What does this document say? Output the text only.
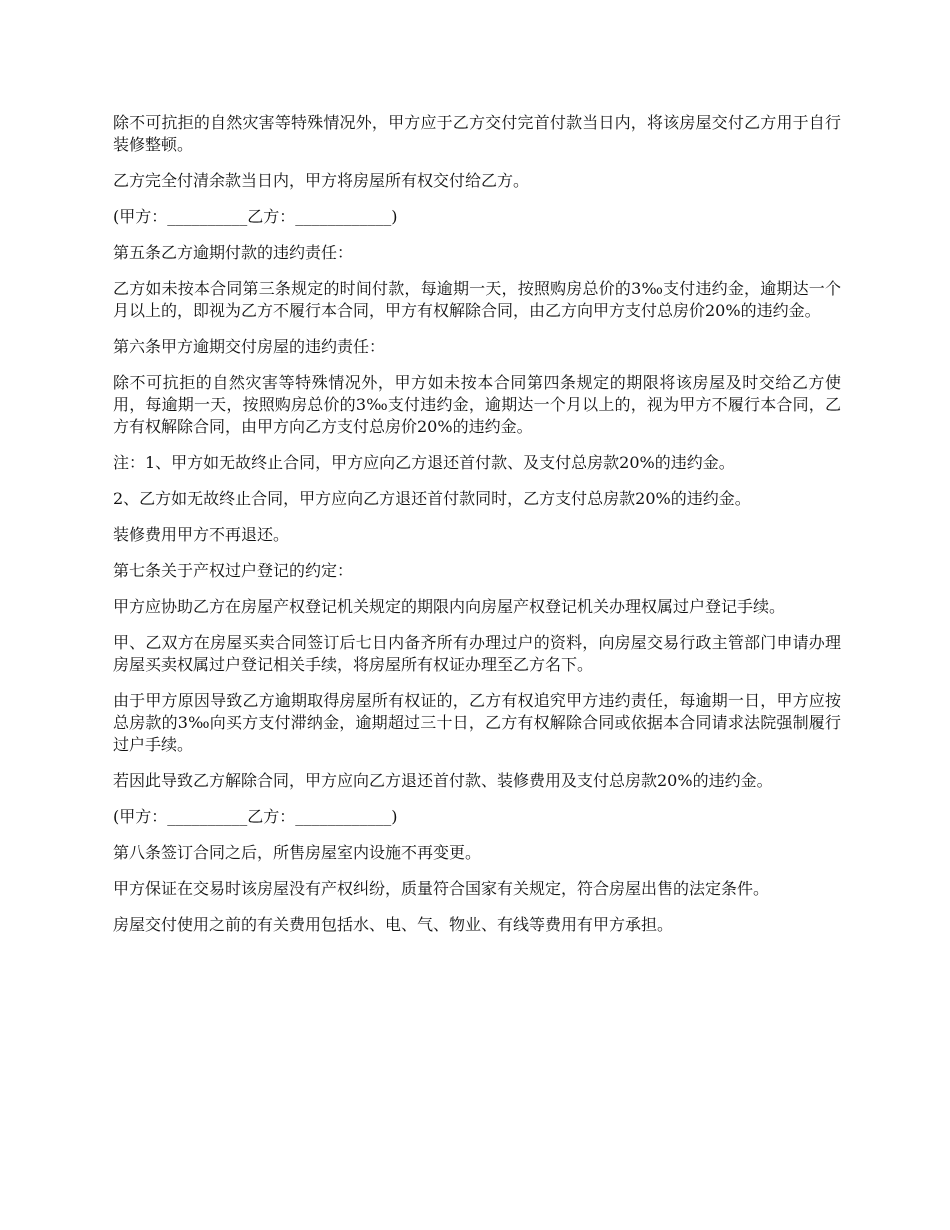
除不可抗拒的自然灾害等特殊情况外，甲方应于乙方交付完首付款当日内，将该房屋交付乙方用于自行装修整顿。

乙方完全付清余款当日内，甲方将房屋所有权交付给乙方。

(甲方：__________乙方：____________)

第五条乙方逾期付款的违约责任：

乙方如未按本合同第三条规定的时间付款，每逾期一天，按照购房总价的3‰支付违约金，逾期达一个月以上的，即视为乙方不履行本合同，甲方有权解除合同，由乙方向甲方支付总房价20%的违约金。

第六条甲方逾期交付房屋的违约责任：

除不可抗拒的自然灾害等特殊情况外，甲方如未按本合同第四条规定的期限将该房屋及时交给乙方使用，每逾期一天，按照购房总价的3‰支付违约金，逾期达一个月以上的，视为甲方不履行本合同，乙方有权解除合同，由甲方向乙方支付总房价20%的违约金。

注：1、甲方如无故终止合同，甲方应向乙方退还首付款、及支付总房款20%的违约金。

2、乙方如无故终止合同，甲方应向乙方退还首付款同时，乙方支付总房款20%的违约金。

装修费用甲方不再退还。

第七条关于产权过户登记的约定：

甲方应协助乙方在房屋产权登记机关规定的期限内向房屋产权登记机关办理权属过户登记手续。

甲、乙双方在房屋买卖合同签订后七日内备齐所有办理过户的资料，向房屋交易行政主管部门申请办理房屋买卖权属过户登记相关手续，将房屋所有权证办理至乙方名下。

由于甲方原因导致乙方逾期取得房屋所有权证的，乙方有权追究甲方违约责任，每逾期一日，甲方应按总房款的3‰向买方支付滞纳金，逾期超过三十日，乙方有权解除合同或依据本合同请求法院强制履行过户手续。

若因此导致乙方解除合同，甲方应向乙方退还首付款、装修费用及支付总房款20%的违约金。

(甲方：__________乙方：____________)

第八条签订合同之后，所售房屋室内设施不再变更。

甲方保证在交易时该房屋没有产权纠纷，质量符合国家有关规定，符合房屋出售的法定条件。

房屋交付使用之前的有关费用包括水、电、气、物业、有线等费用有甲方承担。
